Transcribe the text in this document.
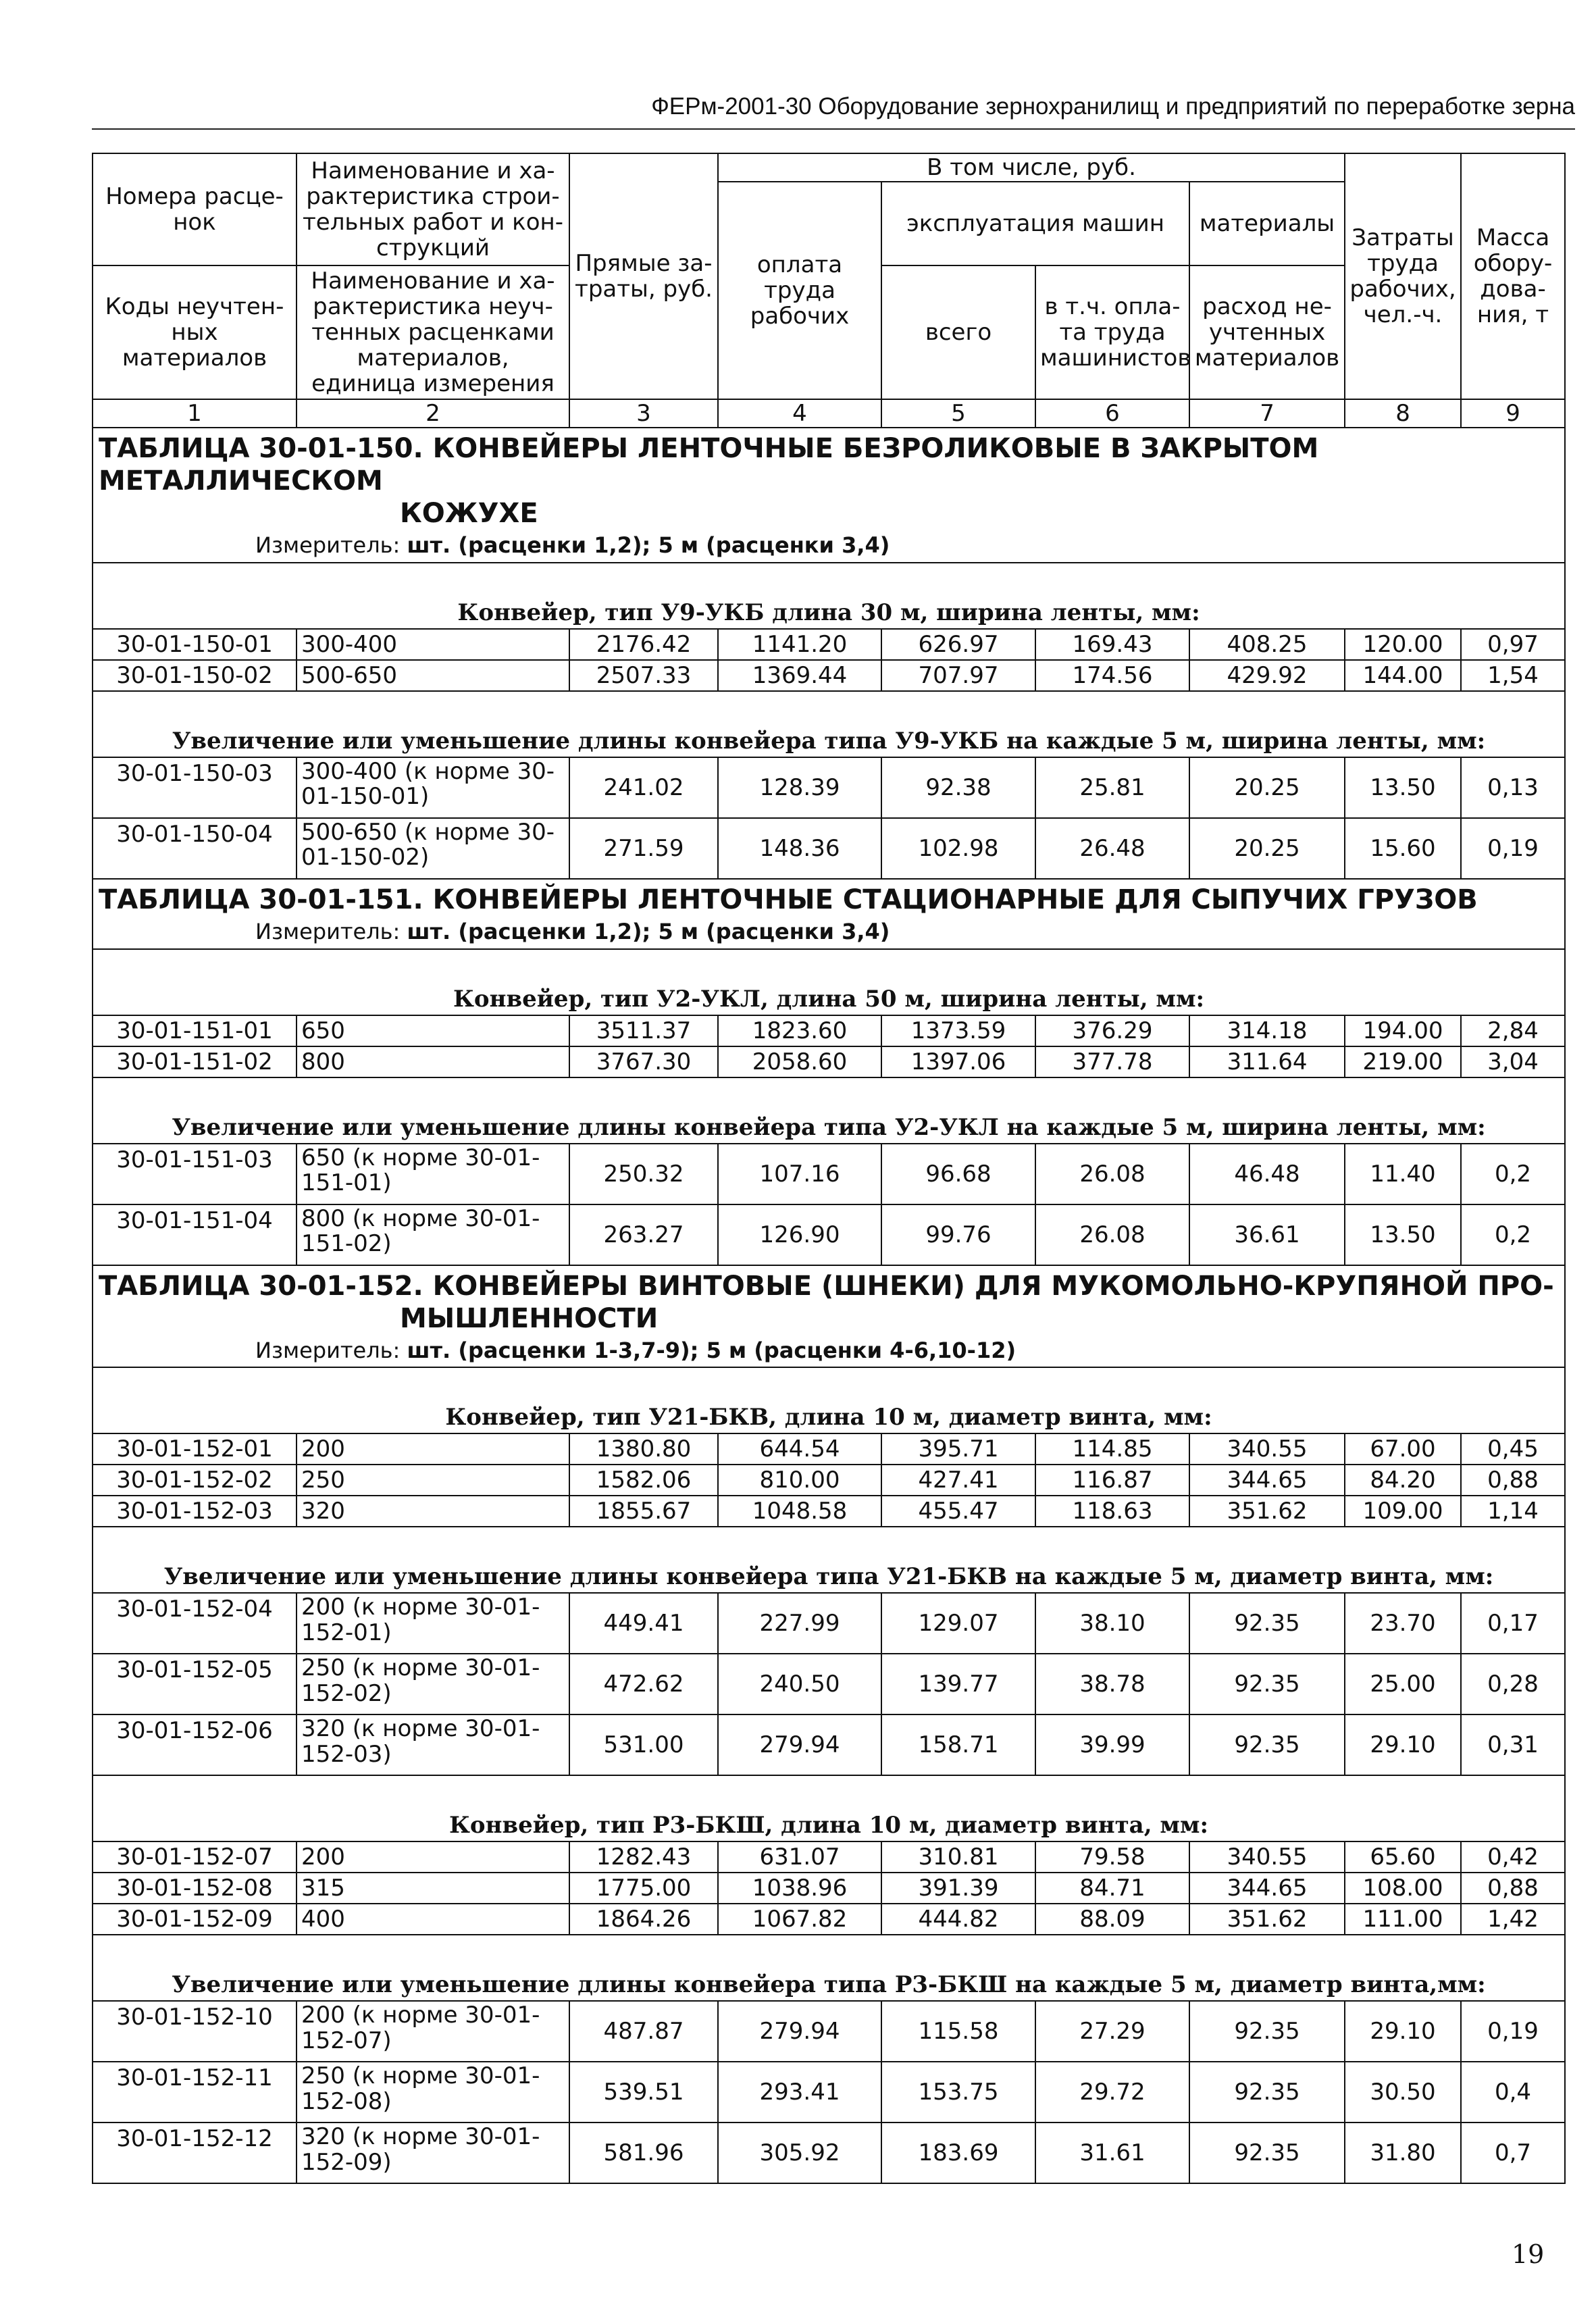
ФЕРм-2001-30 Оборудование зернохранилищ и предприятий по переработке зерна
Номера расце-нок	Наименование и ха-рактеристика строи-тельных работ и кон-струкций	Прямые за-траты, руб.	В том числе, руб.				Затраты труда рабочих, чел.-ч.	Масса обору-дова-ния, т
			оплата труда рабочих	эксплуатация машин		материалы		
Коды неучтен-ных материалов	Наименование и ха-рактеристика неуч-тенных расценками материалов, единица измерения			всего	в т.ч. опла-та труда машинистов	расход не-учтенных материалов		

1	2	3	4	5	6	7	8	9

ТАБЛИЦА 30-01-150. КОНВЕЙЕРЫ ЛЕНТОЧНЫЕ БЕЗРОЛИКОВЫЕ В ЗАКРЫТОМ МЕТАЛЛИЧЕСКОМ
КОЖУХЕ								

Измеритель: шт. (расценки 1,2); 5 м (расценки 3,4)								

Конвейер, тип У9-УКБ длина 30 м, ширина ленты, мм:								
30-01-150-01	300-400	2176.42	1141.20	626.97	169.43	408.25	120.00	0,97
30-01-150-02	500-650	2507.33	1369.44	707.97	174.56	429.92	144.00	1,54

Увеличение или уменьшение длины конвейера типа У9-УКБ на каждые 5 м, ширина ленты, мм:								
30-01-150-03	300-400 (к норме 30-01-150-01)	241.02	128.39	92.38	25.81	20.25	13.50	0,13
30-01-150-04	500-650 (к норме 30-01-150-02)	271.59	148.36	102.98	26.48	20.25	15.60	0,19

ТАБЛИЦА 30-01-151. КОНВЕЙЕРЫ ЛЕНТОЧНЫЕ СТАЦИОНАРНЫЕ ДЛЯ СЫПУЧИХ ГРУЗОВ								

Измеритель: шт. (расценки 1,2); 5 м (расценки 3,4)								

Конвейер, тип У2-УКЛ, длина 50 м, ширина ленты, мм:								
30-01-151-01	650	3511.37	1823.60	1373.59	376.29	314.18	194.00	2,84
30-01-151-02	800	3767.30	2058.60	1397.06	377.78	311.64	219.00	3,04

Увеличение или уменьшение длины конвейера типа У2-УКЛ на каждые 5 м, ширина ленты, мм:								
30-01-151-03	650 (к норме 30-01-151-01)	250.32	107.16	96.68	26.08	46.48	11.40	0,2
30-01-151-04	800 (к норме 30-01-151-02)	263.27	126.90	99.76	26.08	36.61	13.50	0,2

ТАБЛИЦА 30-01-152. КОНВЕЙЕРЫ ВИНТОВЫЕ (ШНЕКИ) ДЛЯ МУКОМОЛЬНО-КРУПЯНОЙ ПРО-
МЫШЛЕННОСТИ								

Измеритель: шт. (расценки 1-3,7-9); 5 м (расценки 4-6,10-12)								

Конвейер, тип У21-БКВ, длина 10 м, диаметр винта, мм:								
30-01-152-01	200	1380.80	644.54	395.71	114.85	340.55	67.00	0,45
30-01-152-02	250	1582.06	810.00	427.41	116.87	344.65	84.20	0,88
30-01-152-03	320	1855.67	1048.58	455.47	118.63	351.62	109.00	1,14

Увеличение или уменьшение длины конвейера типа У21-БКВ на каждые 5 м, диаметр винта, мм:								
30-01-152-04	200 (к норме 30-01-152-01)	449.41	227.99	129.07	38.10	92.35	23.70	0,17
30-01-152-05	250 (к норме 30-01-152-02)	472.62	240.50	139.77	38.78	92.35	25.00	0,28
30-01-152-06	320 (к норме 30-01-152-03)	531.00	279.94	158.71	39.99	92.35	29.10	0,31

Конвейер, тип Р3-БКШ, длина 10 м, диаметр винта, мм:								
30-01-152-07	200	1282.43	631.07	310.81	79.58	340.55	65.60	0,42
30-01-152-08	315	1775.00	1038.96	391.39	84.71	344.65	108.00	0,88
30-01-152-09	400	1864.26	1067.82	444.82	88.09	351.62	111.00	1,42

Увеличение или уменьшение длины конвейера типа Р3-БКШ на каждые 5 м, диаметр винта,мм:								
30-01-152-10	200 (к норме 30-01-152-07)	487.87	279.94	115.58	27.29	92.35	29.10	0,19
30-01-152-11	250 (к норме 30-01-152-08)	539.51	293.41	153.75	29.72	92.35	30.50	0,4
30-01-152-12	320 (к норме 30-01-152-09)	581.96	305.92	183.69	31.61	92.35	31.80	0,7
19
